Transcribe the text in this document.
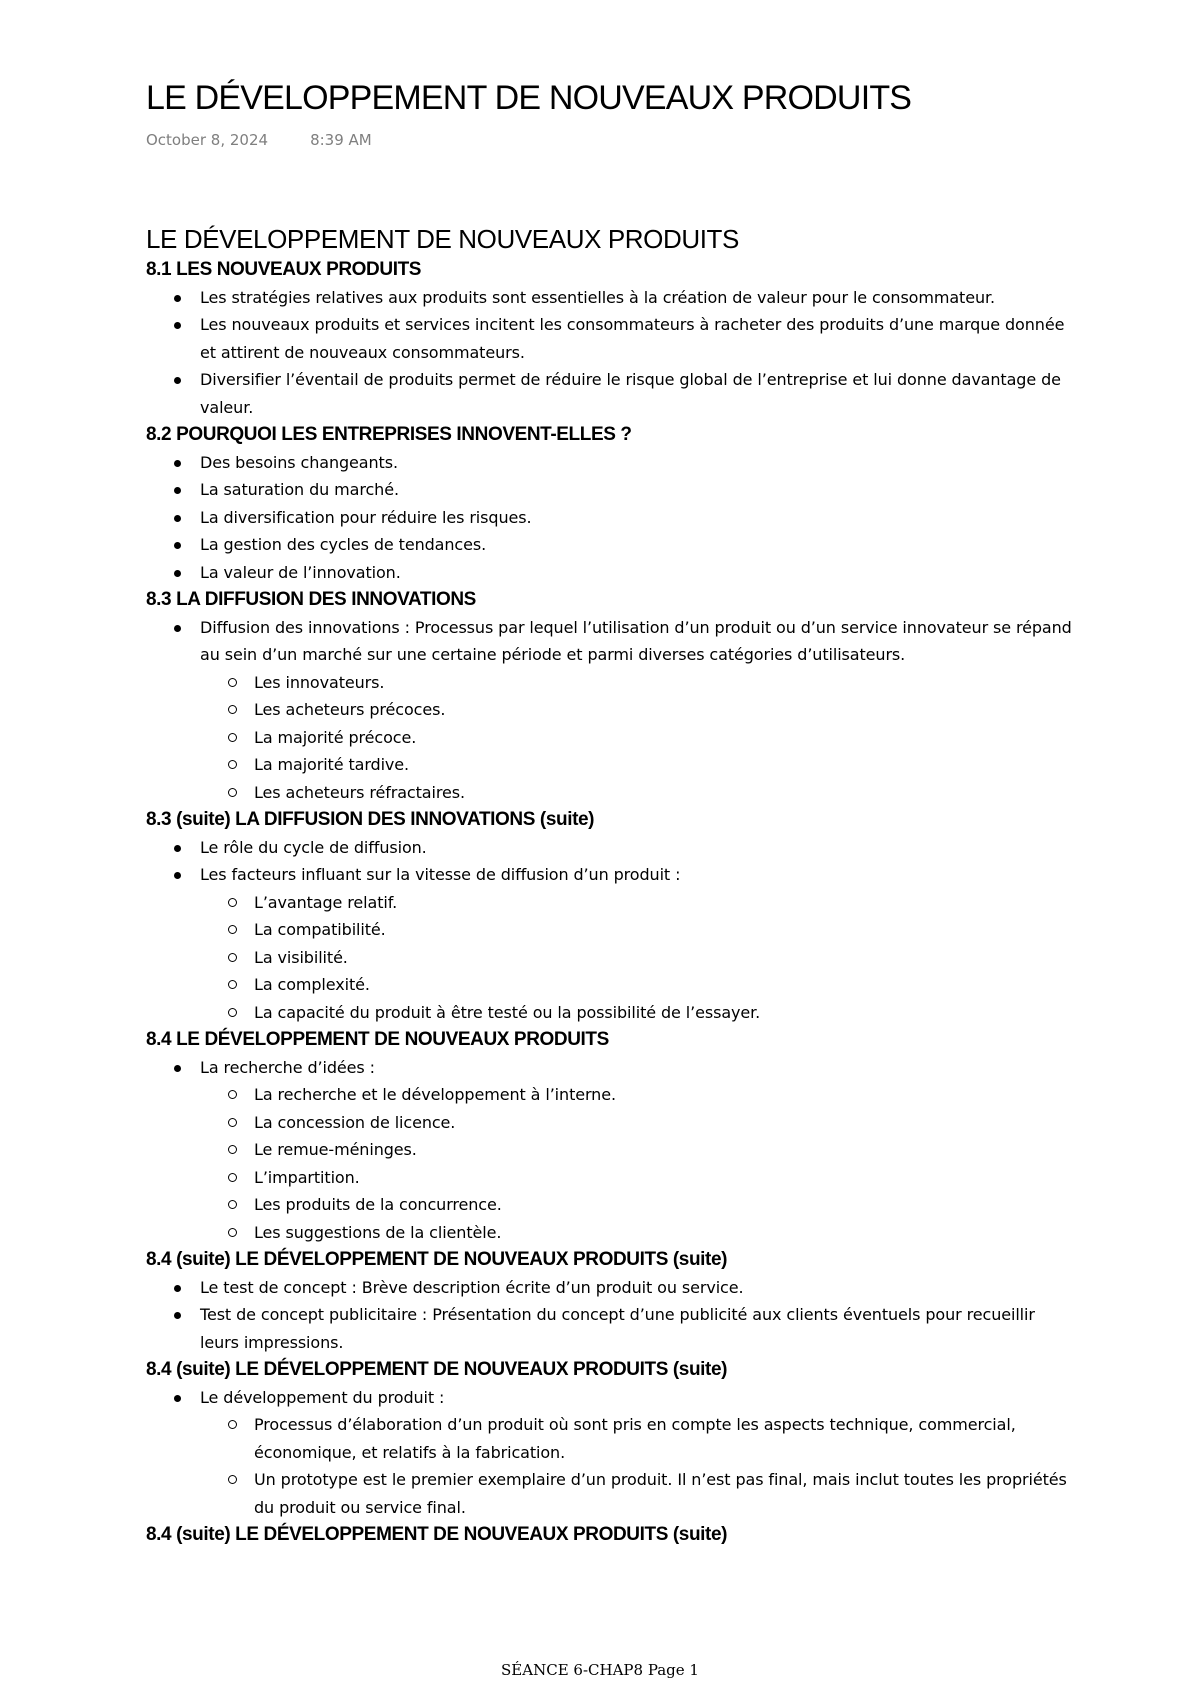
LE DÉVELOPPEMENT DE NOUVEAUX PRODUITS
October 8, 2024	8:39 AM
LE DÉVELOPPEMENT DE NOUVEAUX PRODUITS
8.1 LES NOUVEAUX PRODUITS
Les stratégies relatives aux produits sont essentielles à la création de valeur pour le consommateur.
Les nouveaux produits et services incitent les consommateurs à racheter des produits d’une marque donnée et attirent de nouveaux consommateurs.
Diversifier l’éventail de produits permet de réduire le risque global de l’entreprise et lui donne davantage de valeur.
8.2 POURQUOI LES ENTREPRISES INNOVENT-ELLES ?
Des besoins changeants.
La saturation du marché.
La diversification pour réduire les risques.
La gestion des cycles de tendances.
La valeur de l’innovation.
8.3 LA DIFFUSION DES INNOVATIONS
Diffusion des innovations : Processus par lequel l’utilisation d’un produit ou d’un service innovateur se répand au sein d’un marché sur une certaine période et parmi diverses catégories d’utilisateurs.
Les innovateurs.
Les acheteurs précoces.
La majorité précoce.
La majorité tardive.
Les acheteurs réfractaires.
8.3 (suite) LA DIFFUSION DES INNOVATIONS (suite)
Le rôle du cycle de diffusion.
Les facteurs influant sur la vitesse de diffusion d’un produit :
L’avantage relatif.
La compatibilité.
La visibilité.
La complexité.
La capacité du produit à être testé ou la possibilité de l’essayer.
8.4 LE DÉVELOPPEMENT DE NOUVEAUX PRODUITS
La recherche d’idées :
La recherche et le développement à l’interne.
La concession de licence.
Le remue-méninges.
L’impartition.
Les produits de la concurrence.
Les suggestions de la clientèle.
8.4 (suite) LE DÉVELOPPEMENT DE NOUVEAUX PRODUITS (suite)
Le test de concept : Brève description écrite d’un produit ou service.
Test de concept publicitaire : Présentation du concept d’une publicité aux clients éventuels pour recueillir leurs impressions.
8.4 (suite) LE DÉVELOPPEMENT DE NOUVEAUX PRODUITS (suite)
Le développement du produit :
Processus d’élaboration d’un produit où sont pris en compte les aspects technique, commercial, économique, et relatifs à la fabrication.
Un prototype est le premier exemplaire d’un produit. Il n’est pas final, mais inclut toutes les propriétés du produit ou service final.
8.4 (suite) LE DÉVELOPPEMENT DE NOUVEAUX PRODUITS (suite)
SÉANCE 6-CHAP8 Page 1
